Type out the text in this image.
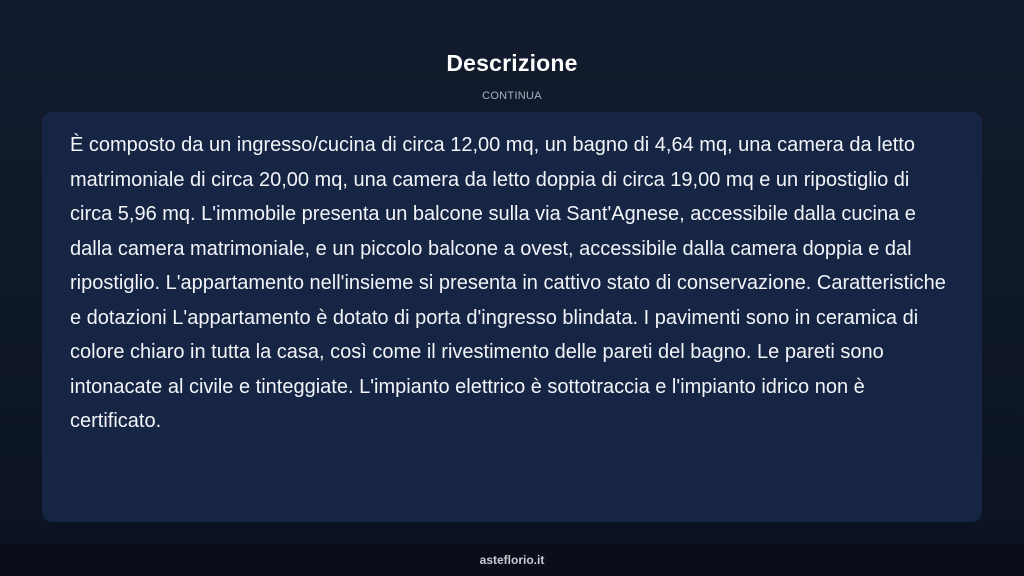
Descrizione
CONTINUA

È composto da un ingresso/cucina di circa 12,00 mq, un bagno di 4,64 mq, una camera da letto matrimoniale di circa 20,00 mq, una camera da letto doppia di circa 19,00 mq e un ripostiglio di circa 5,96 mq. L'immobile presenta un balcone sulla via Sant'Agnese, accessibile dalla cucina e dalla camera matrimoniale, e un piccolo balcone a ovest, accessibile dalla camera doppia e dal ripostiglio. L'appartamento nell'insieme si presenta in cattivo stato di conservazione. Caratteristiche e dotazioni L'appartamento è dotato di porta d'ingresso blindata. I pavimenti sono in ceramica di colore chiaro in tutta la casa, così come il rivestimento delle pareti del bagno. Le pareti sono intonacate al civile e tinteggiate. L'impianto elettrico è sottotraccia e l'impianto idrico non è certificato.

asteflorio.it
